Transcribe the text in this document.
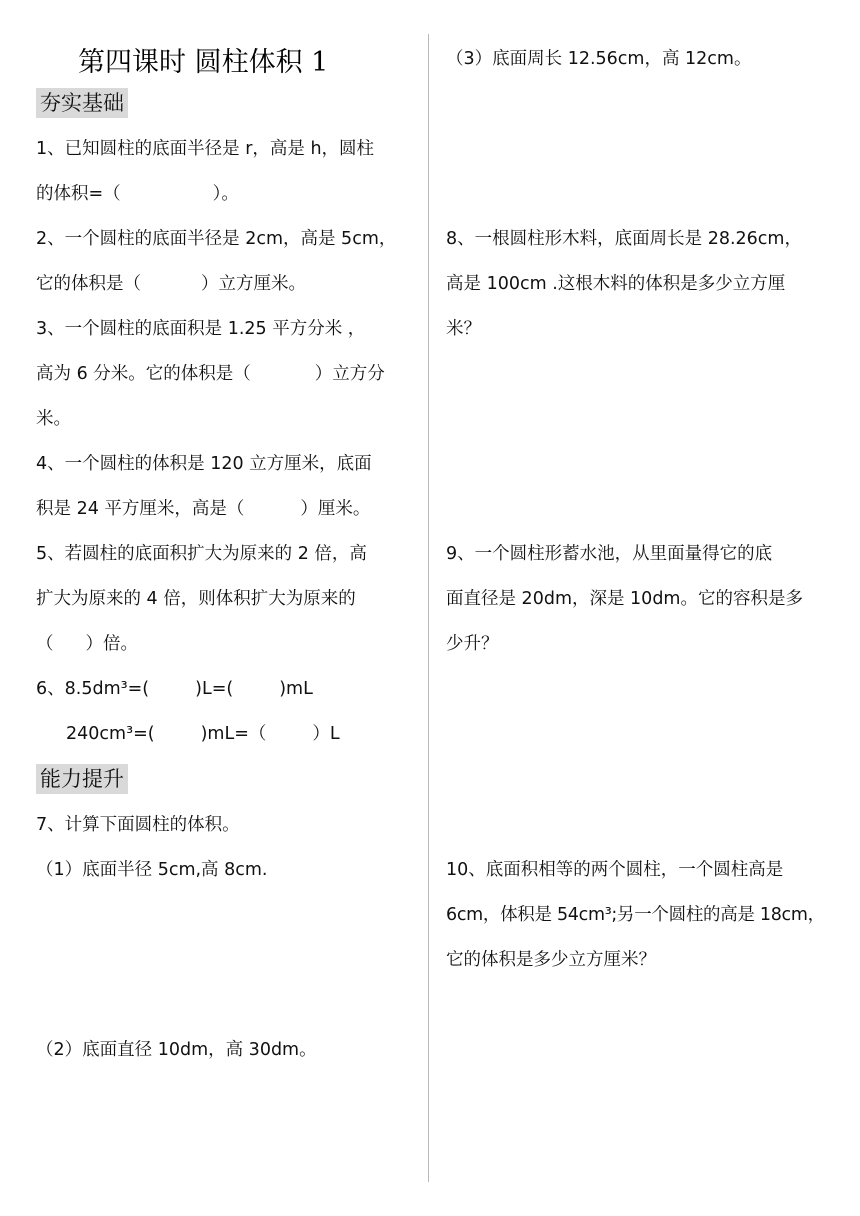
第四课时 圆柱体积 1
夯实基础
1、已知圆柱的底面半径是 r，高是 h，圆柱
的体积=（	）。
2、一个圆柱的底面半径是 2cm，高是 5cm，
它的体积是（	）立方厘米。
3、一个圆柱的底面积是 1.25 平方分米 ，
高为 6 分米。它的体积是（	）立方分
米。
4、一个圆柱的体积是 120 立方厘米，底面
积是 24 平方厘米，高是（	）厘米。
5、若圆柱的底面积扩大为原来的 2 倍，高
扩大为原来的 4 倍，则体积扩大为原来的
（ ）倍。
6、8.5dm³=(	)L=(	)mL
240cm³=(	)mL=（	）L
能力提升
7、计算下面圆柱的体积。
（1）底面半径 5cm,高 8cm.
（2）底面直径 10dm，高 30dm。
（3）底面周长 12.56cm，高 12cm。
8、一根圆柱形木料，底面周长是 28.26cm，
高是 100cm .这根木料的体积是多少立方厘
米？
9、一个圆柱形蓄水池，从里面量得它的底
面直径是 20dm，深是 10dm。它的容积是多
少升？
10、底面积相等的两个圆柱，一个圆柱高是
6cm，体积是 54cm³;另一个圆柱的高是 18cm，
它的体积是多少立方厘米？
